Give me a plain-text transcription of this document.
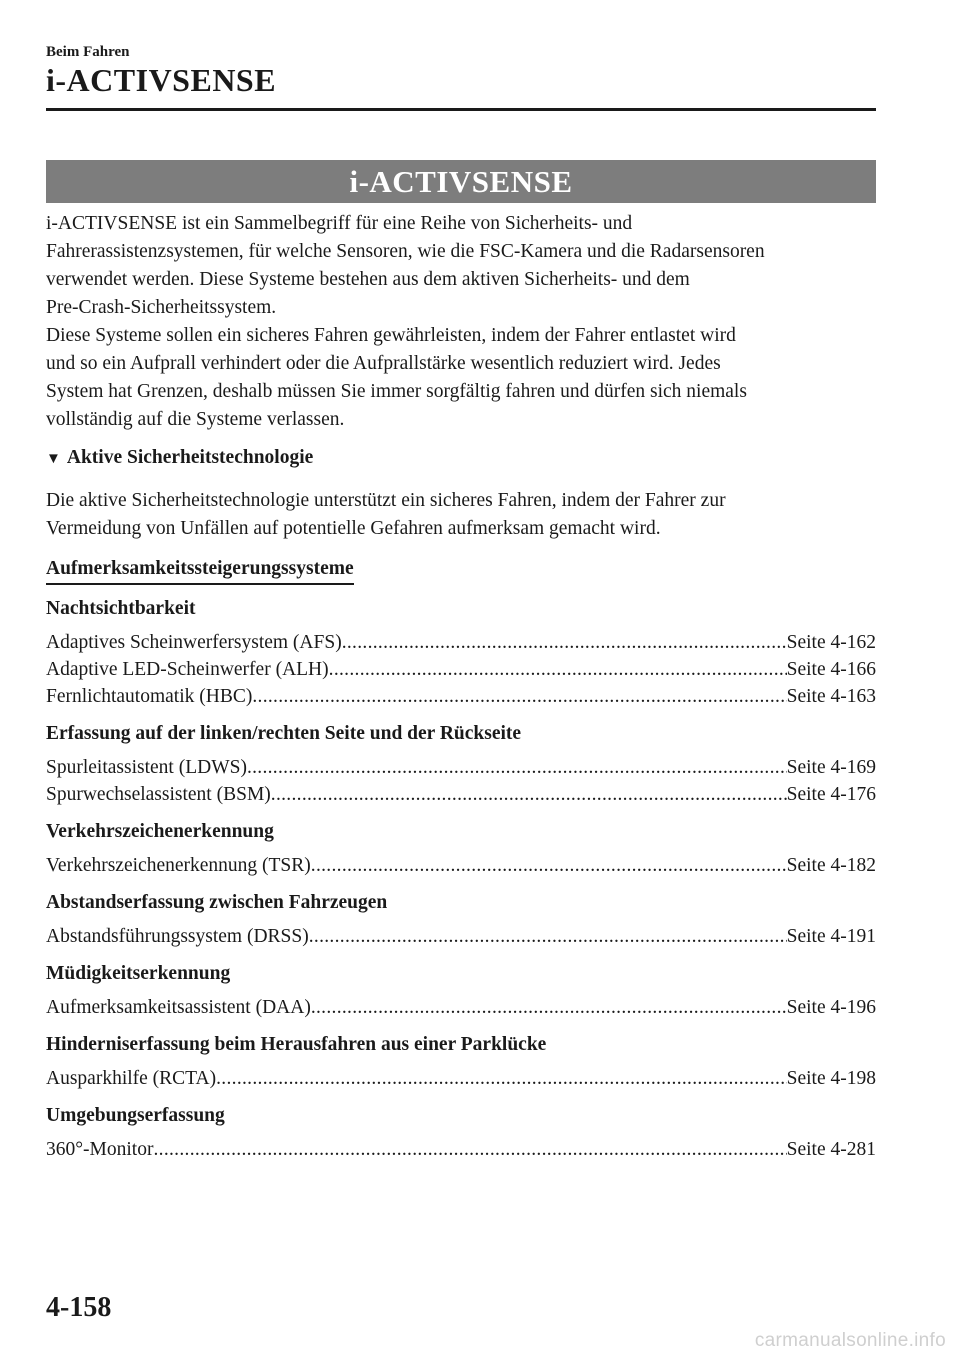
Beim Fahren
i-ACTIVSENSE
i-ACTIVSENSE

i-ACTIVSENSE ist ein Sammelbegriff für eine Reihe von Sicherheits- und

Fahrerassistenzsystemen, für welche Sensoren, wie die FSC-Kamera und die Radarsensoren

verwendet werden. Diese Systeme bestehen aus dem aktiven Sicherheits- und dem

Pre-Crash-Sicherheitssystem.

Diese Systeme sollen ein sicheres Fahren gewährleisten, indem der Fahrer entlastet wird

und so ein Aufprall verhindert oder die Aufprallstärke wesentlich reduziert wird. Jedes

System hat Grenzen, deshalb müssen Sie immer sorgfältig fahren und dürfen sich niemals

vollständig auf die Systeme verlassen.

▼ Aktive Sicherheitstechnologie

Die aktive Sicherheitstechnologie unterstützt ein sicheres Fahren, indem der Fahrer zur

Vermeidung von Unfällen auf potentielle Gefahren aufmerksam gemacht wird.

Aufmerksamkeitssteigerungssysteme
Nachtsichtbarkeit
Adaptives Scheinwerfersystem (AFS) .....	Seite 4-162
Adaptive LED-Scheinwerfer (ALH) .....	Seite 4-166
Fernlichtautomatik (HBC) .....	Seite 4-163
Erfassung auf der linken/rechten Seite und der Rückseite
Spurleitassistent (LDWS) .....	Seite 4-169
Spurwechselassistent (BSM) .....	Seite 4-176
Verkehrszeichenerkennung
Verkehrszeichenerkennung (TSR) .....	Seite 4-182
Abstandserfassung zwischen Fahrzeugen
Abstandsführungssystem (DRSS) .....	Seite 4-191
Müdigkeitserkennung
Aufmerksamkeitsassistent (DAA) .....	Seite 4-196
Hinderniserfassung beim Herausfahren aus einer Parklücke
Ausparkhilfe (RCTA) .....	Seite 4-198
Umgebungserfassung
360°-Monitor .....	Seite 4-281
4-158
carmanualsonline.info
